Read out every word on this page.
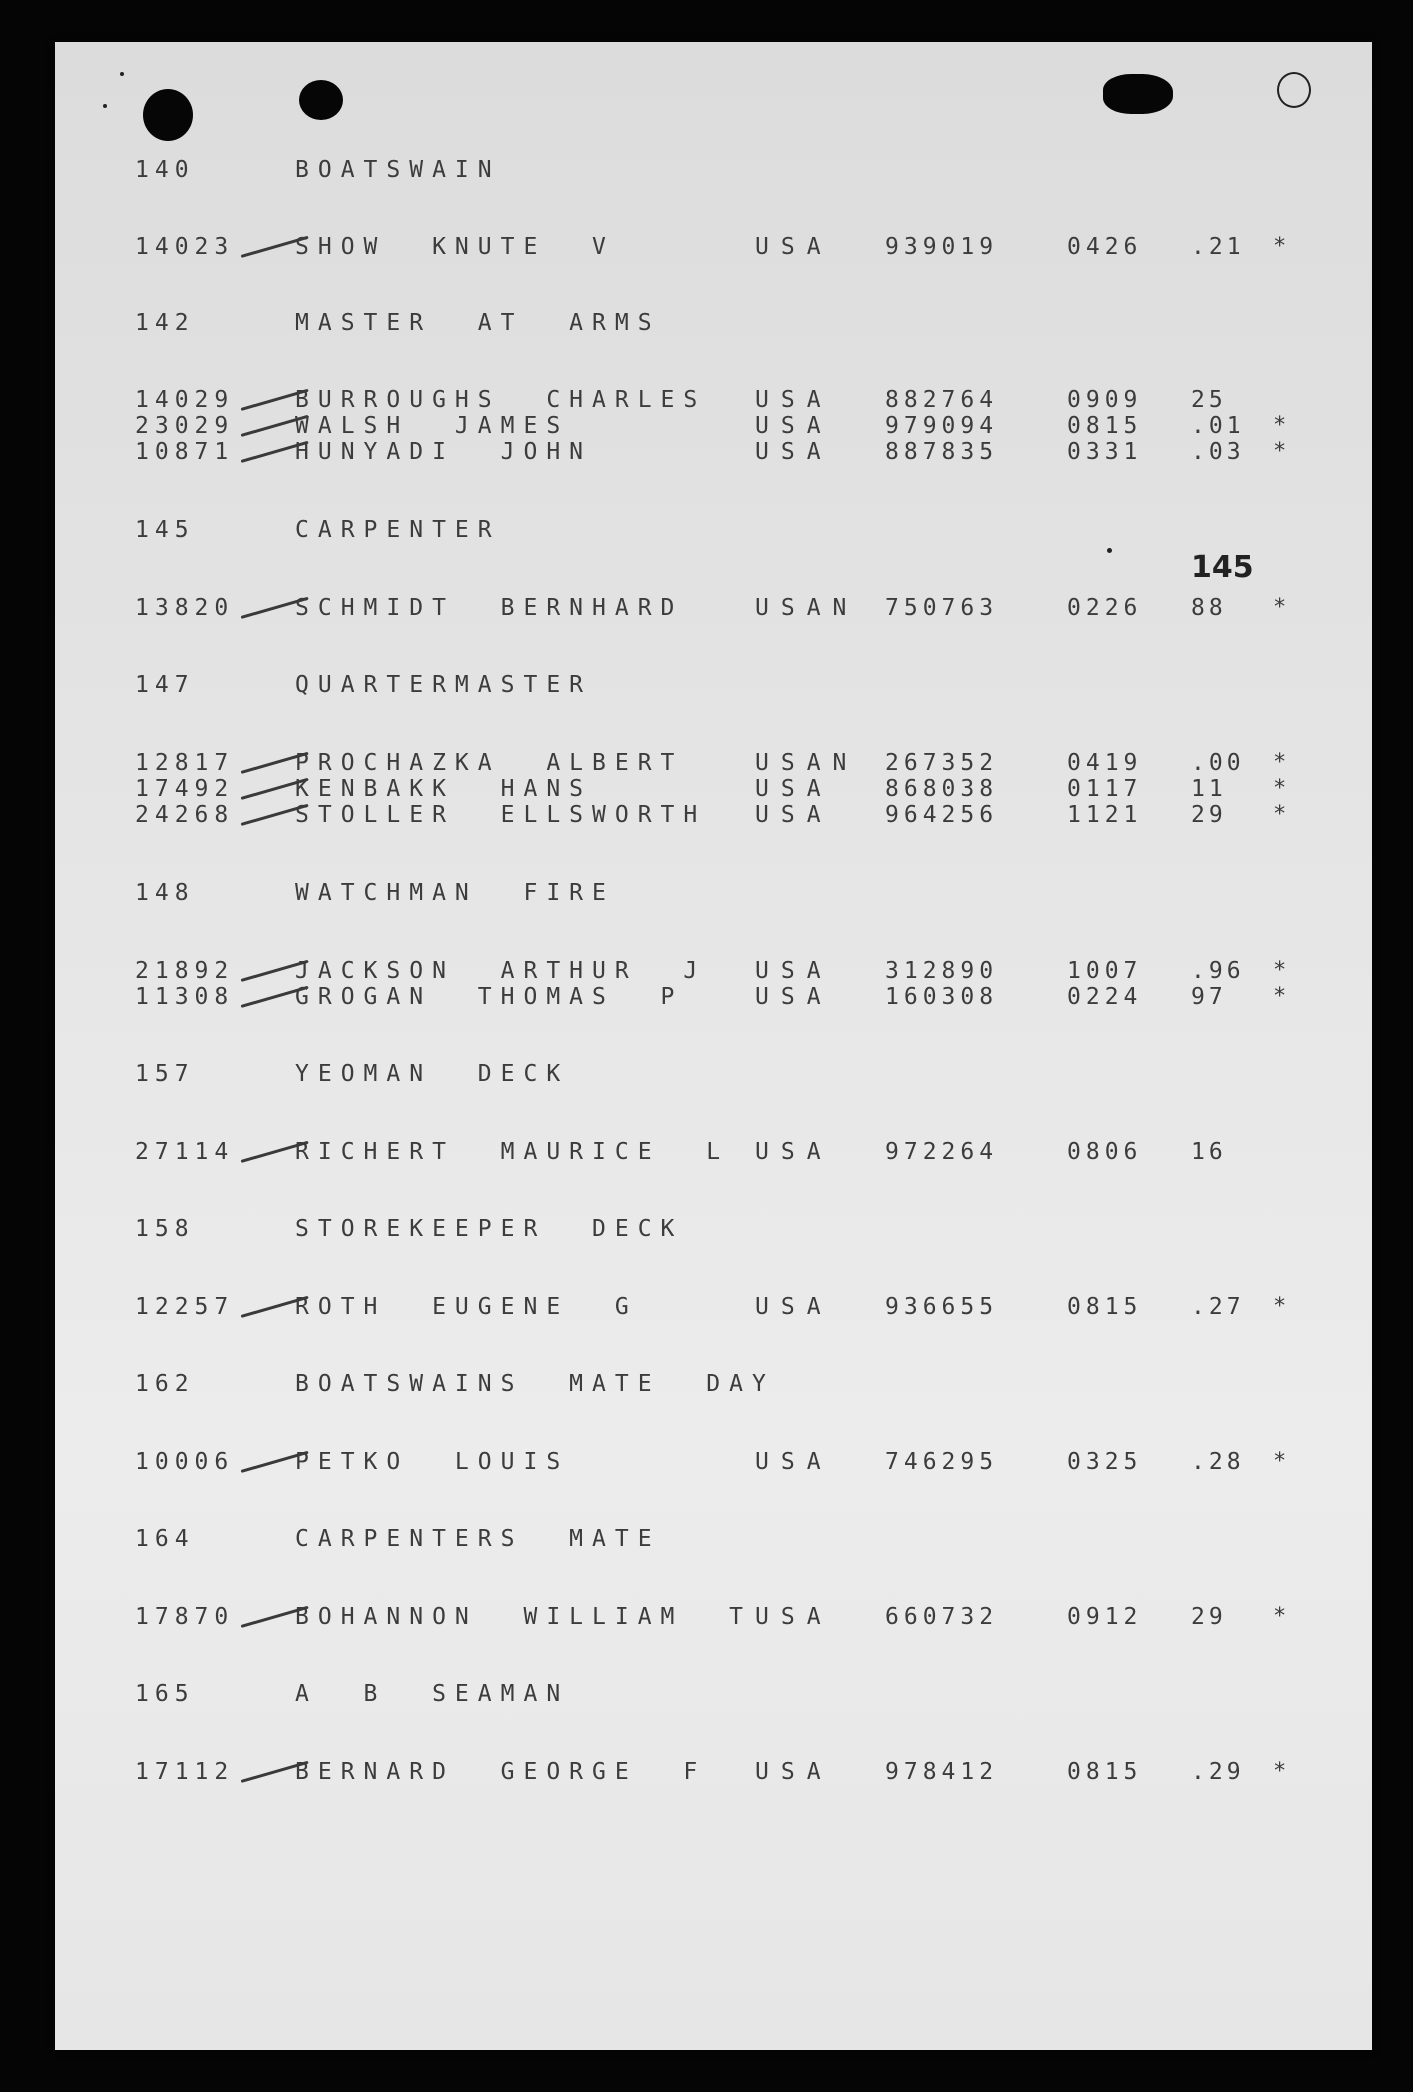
145
140	BOATSWAIN
14023	SHOW  KNUTE  V	USA 939019	0426 .21 *
142	MASTER  AT  ARMS
14029	BURROUGHS  CHARLES USA 882764	0909 25
23029	WALSH  JAMES	USA 979094	0815 .01 *
10871	HUNYADI  JOHN	USA 887835	0331 .03 *
145	CARPENTER
13820	SCHMIDT  BERNHARD	USAN 750763	0226 88 *
147	QUARTERMASTER
12817	PROCHAZKA  ALBERT	USAN 267352	0419 .00 *
17492	KENBAKK  HANS	USA 868038	0117 11 *
24268	STOLLER  ELLSWORTH USA 964256	1121 29 *
148	WATCHMAN  FIRE
21892	JACKSON  ARTHUR  J USA 312890	1007 .96 *
11308	GROGAN  THOMAS  P	USA 160308	0224 97 *
157	YEOMAN  DECK
27114	RICHERT  MAURICE  L USA 972264	0806 16
158	STOREKEEPER  DECK
12257	ROTH  EUGENE  G	USA 936655	0815 .27 *
162	BOATSWAINS  MATE  DAY
10006	PETKO  LOUIS	USA 746295	0325 .28 *
164	CARPENTERS  MATE
17870	BOHANNON  WILLIAM  T USA 660732	0912 29 *
165	A  B  SEAMAN
17112	BERNARD  GEORGE  F USA 978412	0815 .29 *
